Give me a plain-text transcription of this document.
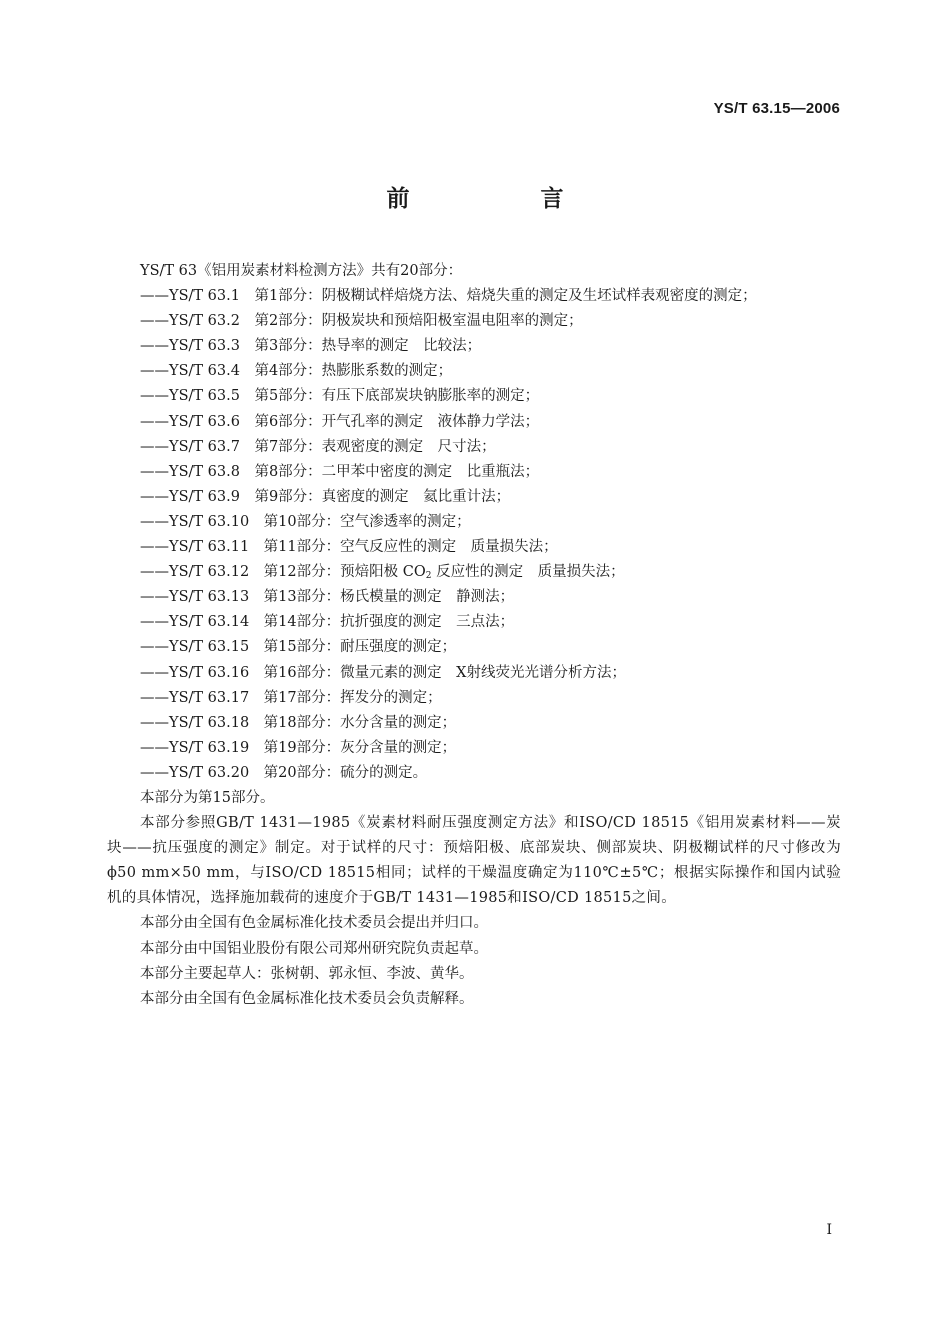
YS/T 63.15—2006
前　言
YS/T 63《铝用炭素材料检测方法》共有20部分：
——YS/T 63.1　第1部分：阴极糊试样焙烧方法、焙烧失重的测定及生坯试样表观密度的测定；
——YS/T 63.2　第2部分：阴极炭块和预焙阳极室温电阻率的测定；
——YS/T 63.3　第3部分：热导率的测定　比较法；
——YS/T 63.4　第4部分：热膨胀系数的测定；
——YS/T 63.5　第5部分：有压下底部炭块钠膨胀率的测定；
——YS/T 63.6　第6部分：开气孔率的测定　液体静力学法；
——YS/T 63.7　第7部分：表观密度的测定　尺寸法；
——YS/T 63.8　第8部分：二甲苯中密度的测定　比重瓶法；
——YS/T 63.9　第9部分：真密度的测定　氦比重计法；
——YS/T 63.10　第10部分：空气渗透率的测定；
——YS/T 63.11　第11部分：空气反应性的测定　质量损失法；
——YS/T 63.12　第12部分：预焙阳极 $CO_2$ 反应性的测定　质量损失法；
——YS/T 63.13　第13部分：杨氏模量的测定　静测法；
——YS/T 63.14　第14部分：抗折强度的测定　三点法；
——YS/T 63.15　第15部分：耐压强度的测定；
——YS/T 63.16　第16部分：微量元素的测定　X射线荧光光谱分析方法；
——YS/T 63.17　第17部分：挥发分的测定；
——YS/T 63.18　第18部分：水分含量的测定；
——YS/T 63.19　第19部分：灰分含量的测定；
——YS/T 63.20　第20部分：硫分的测定。
本部分为第15部分。
本部分参照GB/T 1431—1985《炭素材料耐压强度测定方法》和ISO/CD 18515《铝用炭素材料——炭块——抗压强度的测定》制定。对于试样的尺寸：预焙阳极、底部炭块、侧部炭块、阴极糊试样的尺寸修改为ϕ50 mm×50 mm，与ISO/CD 18515相同；试样的干燥温度确定为110℃±5℃；根据实际操作和国内试验机的具体情况，选择施加载荷的速度介于GB/T 1431—1985和ISO/CD 18515之间。
本部分由全国有色金属标准化技术委员会提出并归口。
本部分由中国铝业股份有限公司郑州研究院负责起草。
本部分主要起草人：张树朝、郭永恒、李波、黄华。
本部分由全国有色金属标准化技术委员会负责解释。
I
